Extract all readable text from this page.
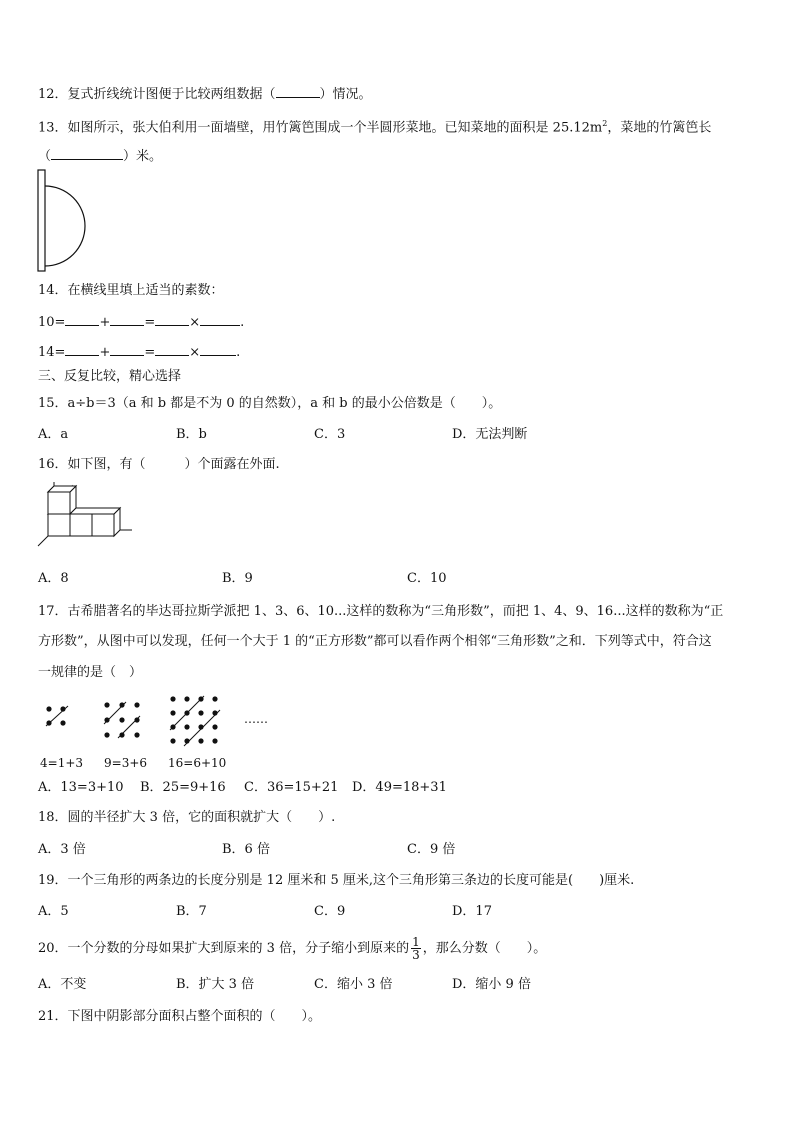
12．复式折线统计图便于比较两组数据（	）情况。
13．如图所示，张大伯利用一面墙壁，用竹篱笆围成一个半圆形菜地。已知菜地的面积是 $25.12m^2$，菜地的竹篱笆长
（	）米。
14．在横线里填上适当的素数：
10=	+	=	×	.
14=	+	=	×	.
三、反复比较，精心选择
15．a÷b＝3（a 和 b 都是不为 0 的自然数），a 和 b 的最小公倍数是（　　）。
A．a	B．b	C．3	D．无法判断
16．如下图，有（　　　）个面露在外面.
A．8	B．9	C．10
17．古希腊著名的毕达哥拉斯学派把 1、3、6、10...这样的数称为“三角形数”，而把 1、4、9、16...这样的数称为“正
方形数”，从图中可以发现，任何一个大于 1 的“正方形数”都可以看作两个相邻“三角形数”之和．下列等式中，符合这
一规律的是（　）
……
4=1+3 9=3+6 16=6+10
A．13=3+10 B．25=9+16 C．36=15+21 D．49=18+31
18．圆的半径扩大 3 倍，它的面积就扩大（　　）.
A．3 倍	B．6 倍	C．9 倍
19．一个三角形的两条边的长度分别是 12 厘米和 5 厘米,这个三角形第三条边的长度可能是(　　)厘米.
A．5	B．7	C．9	D．17
20．一个分数的分母如果扩大到原来的 3 倍，分子缩小到原来的 $\frac{1}{3}$ ，那么分数（　　）。
A．不变	B．扩大 3 倍	C．缩小 3 倍	D．缩小 9 倍
21．下图中阴影部分面积占整个面积的（　　）。
